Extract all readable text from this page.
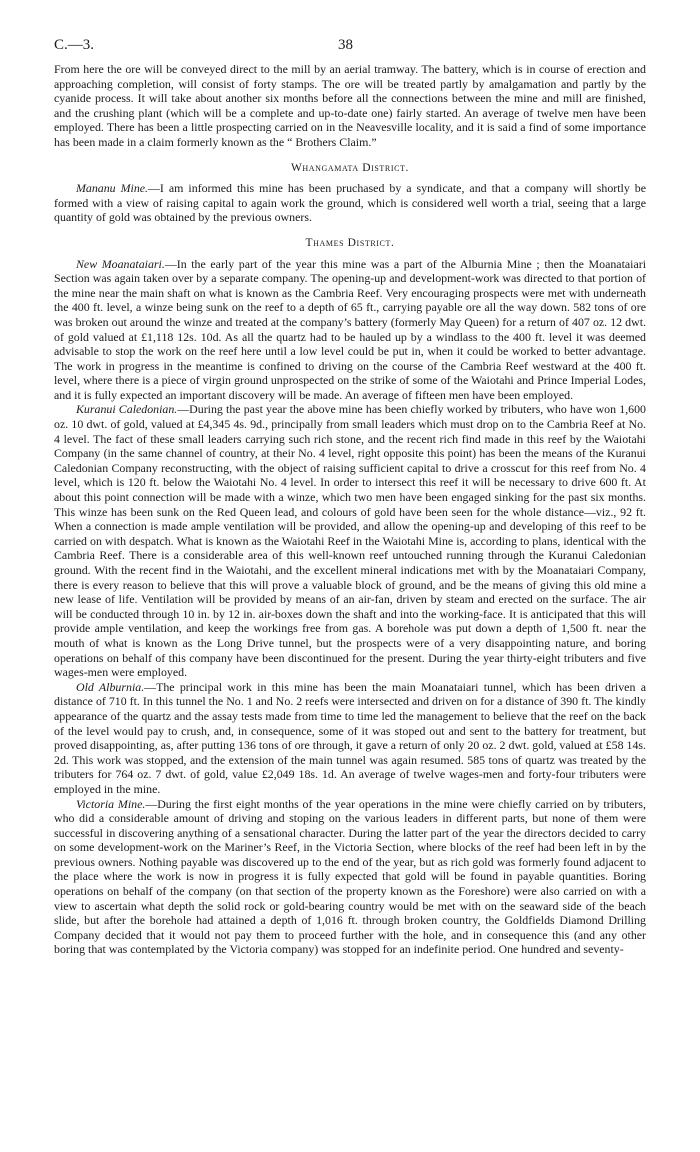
C.—3.	38

From here the ore will be conveyed direct to the mill by an aerial tramway. The battery, which is in course of erection and approaching completion, will consist of forty stamps. The ore will be treated partly by amalgamation and partly by the cyanide process. It will take about another six months before all the connections between the mine and mill are finished, and the crushing plant (which will be a complete and up-to-date one) fairly started. An average of twelve men have been employed. There has been a little prospecting carried on in the Neavesville locality, and it is said a find of some importance has been made in a claim formerly known as the “ Brothers Claim.”

Whangamata District.

Mananu Mine.—I am informed this mine has been pruchased by a syndicate, and that a company will shortly be formed with a view of raising capital to again work the ground, which is considered well worth a trial, seeing that a large quantity of gold was obtained by the previous owners.

Thames District.

New Moanataiari.—In the early part of the year this mine was a part of the Alburnia Mine ; then the Moanataiari Section was again taken over by a separate company. The opening-up and development-work was directed to that portion of the mine near the main shaft on what is known as the Cambria Reef. Very encouraging prospects were met with underneath the 400 ft. level, a winze being sunk on the reef to a depth of 65 ft., carrying payable ore all the way down. 582 tons of ore was broken out around the winze and treated at the company’s battery (formerly May Queen) for a return of 407 oz. 12 dwt. of gold valued at £1,118 12s. 10d. As all the quartz had to be hauled up by a windlass to the 400 ft. level it was deemed advisable to stop the work on the reef here until a low level could be put in, when it could be worked to better advantage. The work in progress in the meantime is confined to driving on the course of the Cambria Reef westward at the 400 ft. level, where there is a piece of virgin ground unprospected on the strike of some of the Waiotahi and Prince Imperial Lodes, and it is fully expected an important discovery will be made. An average of fifteen men have been employed.

Kuranui Caledonian.—During the past year the above mine has been chiefly worked by tributers, who have won 1,600 oz. 10 dwt. of gold, valued at £4,345 4s. 9d., principally from small leaders which must drop on to the Cambria Reef at No. 4 level. The fact of these small leaders carrying such rich stone, and the recent rich find made in this reef by the Waiotahi Company (in the same channel of country, at their No. 4 level, right opposite this point) has been the means of the Kuranui Caledonian Company reconstructing, with the object of raising sufficient capital to drive a crosscut for this reef from No. 4 level, which is 120 ft. below the Waiotahi No. 4 level. In order to intersect this reef it will be necessary to drive 600 ft. At about this point connection will be made with a winze, which two men have been engaged sinking for the past six months. This winze has been sunk on the Red Queen lead, and colours of gold have been seen for the whole distance—viz., 92 ft. When a connection is made ample ventilation will be provided, and allow the opening-up and developing of this reef to be carried on with despatch. What is known as the Waiotahi Reef in the Waiotahi Mine is, according to plans, identical with the Cambria Reef. There is a considerable area of this well-known reef untouched running through the Kuranui Caledonian ground. With the recent find in the Waiotahi, and the excellent mineral indications met with by the Moanataiari Company, there is every reason to believe that this will prove a valuable block of ground, and be the means of giving this old mine a new lease of life. Ventilation will be provided by means of an air-fan, driven by steam and erected on the surface. The air will be conducted through 10 in. by 12 in. air-boxes down the shaft and into the working-face. It is anticipated that this will provide ample ventilation, and keep the workings free from gas. A borehole was put down a depth of 1,500 ft. near the mouth of what is known as the Long Drive tunnel, but the prospects were of a very disappointing nature, and boring operations on behalf of this company have been discontinued for the present. During the year thirty-eight tributers and five wages-men were employed.

Old Alburnia.—The principal work in this mine has been the main Moanataiari tunnel, which has been driven a distance of 710 ft. In this tunnel the No. 1 and No. 2 reefs were intersected and driven on for a distance of 390 ft. The kindly appearance of the quartz and the assay tests made from time to time led the management to believe that the reef on the back of the level would pay to crush, and, in consequence, some of it was stoped out and sent to the battery for treatment, but proved disappointing, as, after putting 136 tons of ore through, it gave a return of only 20 oz. 2 dwt. gold, valued at £58 14s. 2d. This work was stopped, and the extension of the main tunnel was again resumed. 585 tons of quartz was treated by the tributers for 764 oz. 7 dwt. of gold, value £2,049 18s. 1d. An average of twelve wages-men and forty-four tributers were employed in the mine.

Victoria Mine.—During the first eight months of the year operations in the mine were chiefly carried on by tributers, who did a considerable amount of driving and stoping on the various leaders in different parts, but none of them were successful in discovering anything of a sensational character. During the latter part of the year the directors decided to carry on some development-work on the Mariner’s Reef, in the Victoria Section, where blocks of the reef had been left in by the previous owners. Nothing payable was discovered up to the end of the year, but as rich gold was formerly found adjacent to the place where the work is now in progress it is fully expected that gold will be found in payable quantities. Boring operations on behalf of the company (on that section of the property known as the Foreshore) were also carried on with a view to ascertain what depth the solid rock or gold-bearing country would be met with on the seaward side of the beach slide, but after the borehole had attained a depth of 1,016 ft. through broken country, the Goldfields Diamond Drilling Company decided that it would not pay them to proceed further with the hole, and in consequence this (and any other boring that was contemplated by the Victoria company) was stopped for an indefinite period. One hundred and seventy-
